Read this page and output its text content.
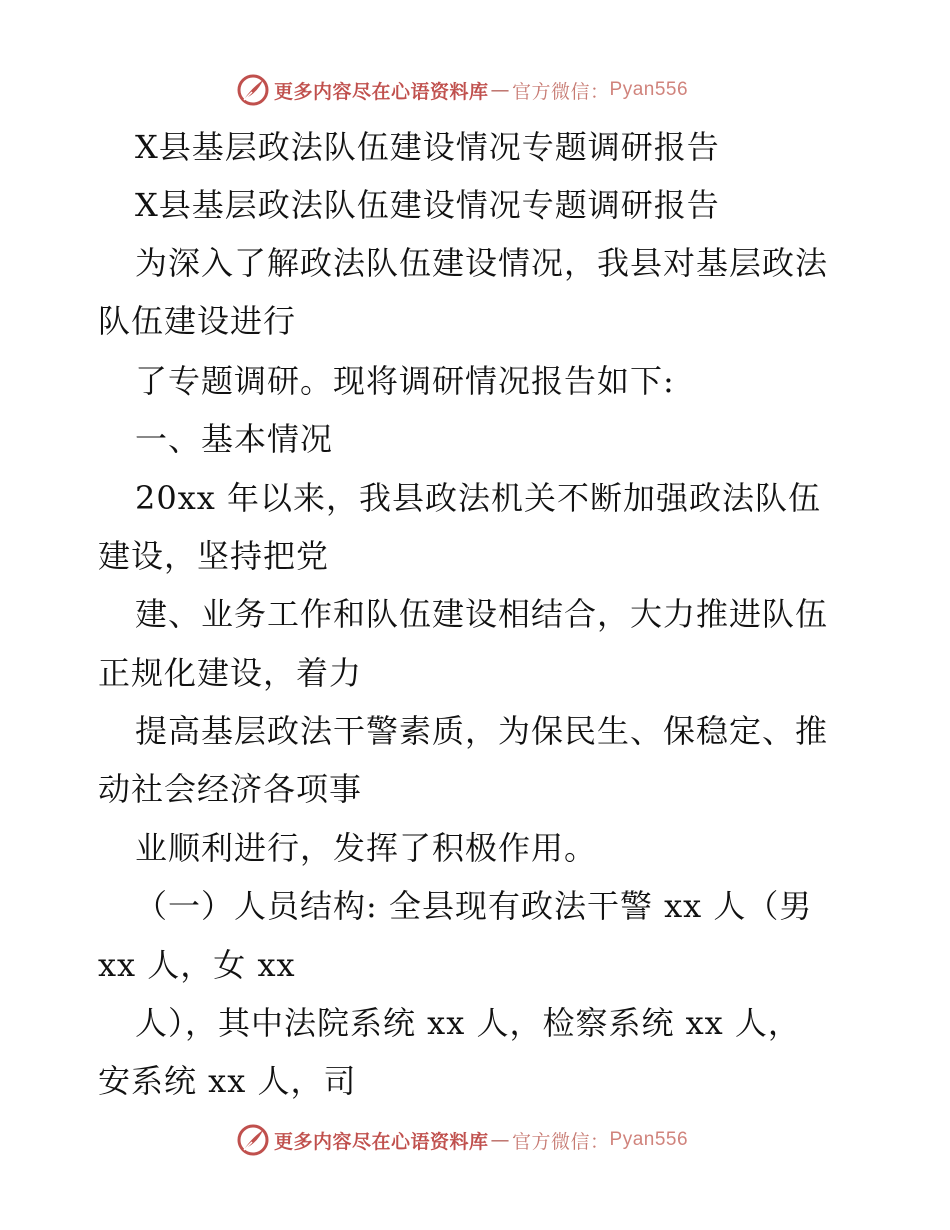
更多内容尽在心语资料库 — 官方微信： Pyan556
X县基层政法队伍建设情况专题调研报告
X县基层政法队伍建设情况专题调研报告
为深入了解政法队伍建设情况，我县对基层政法
队伍建设进行
了专题调研。现将调研情况报告如下:
一、基本情况
20xx 年以来，我县政法机关不断加强政法队伍
建设，坚持把党
建、业务工作和队伍建设相结合，大力推进队伍
正规化建设，着力
提高基层政法干警素质，为保民生、保稳定、推
动社会经济各项事
业顺利进行，发挥了积极作用。
（一）人员结构: 全县现有政法干警 xx 人（男
xx 人，女 xx
人），其中法院系统 xx 人，检察系统 xx 人，
安系统 xx 人，司
更多内容尽在心语资料库 — 官方微信： Pyan556
